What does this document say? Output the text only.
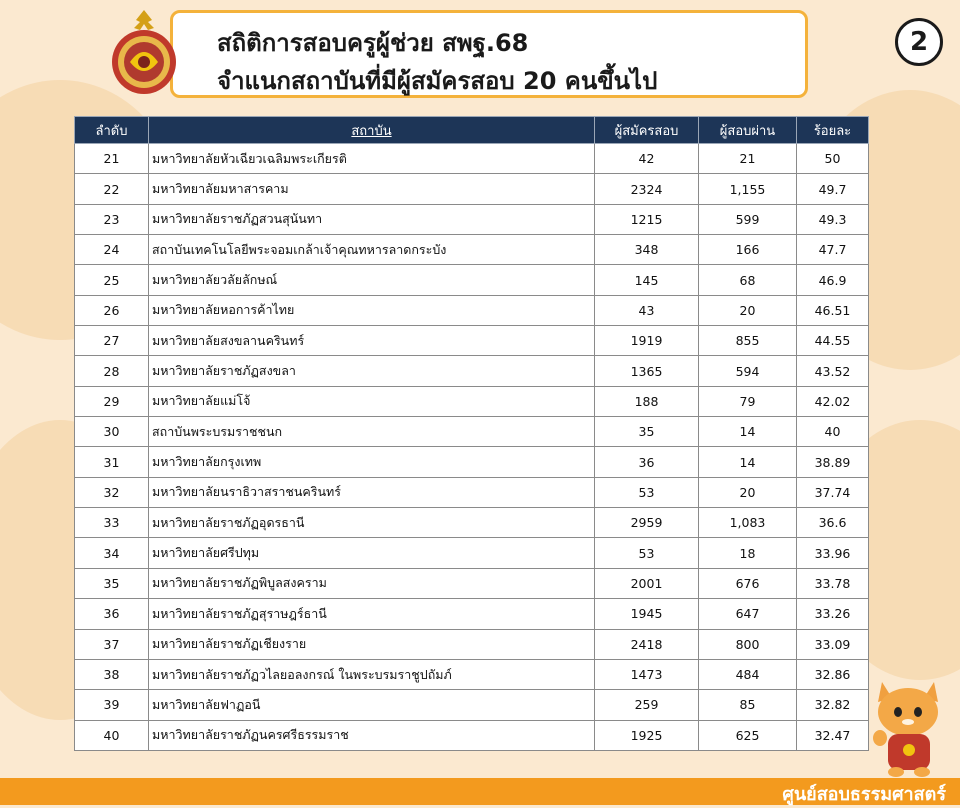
สถิติการสอบครูผู้ช่วย สพฐ.68
จำแนกสถาบันที่มีผู้สมัครสอบ 20 คนขึ้นไป
2
ลำดับ	สถาบัน	ผู้สมัครสอบ	ผู้สอบผ่าน	ร้อยละ
21	มหาวิทยาลัยหัวเฉียวเฉลิมพระเกียรติ	42	21	50
22	มหาวิทยาลัยมหาสารคาม	2324	1,155	49.7
23	มหาวิทยาลัยราชภัฏสวนสุนันทา	1215	599	49.3
24	สถาบันเทคโนโลยีพระจอมเกล้าเจ้าคุณทหารลาดกระบัง	348	166	47.7
25	มหาวิทยาลัยวลัยลักษณ์	145	68	46.9
26	มหาวิทยาลัยหอการค้าไทย	43	20	46.51
27	มหาวิทยาลัยสงขลานครินทร์	1919	855	44.55
28	มหาวิทยาลัยราชภัฏสงขลา	1365	594	43.52
29	มหาวิทยาลัยแม่โจ้	188	79	42.02
30	สถาบันพระบรมราชชนก	35	14	40
31	มหาวิทยาลัยกรุงเทพ	36	14	38.89
32	มหาวิทยาลัยนราธิวาสราชนครินทร์	53	20	37.74
33	มหาวิทยาลัยราชภัฏอุดรธานี	2959	1,083	36.6
34	มหาวิทยาลัยศรีปทุม	53	18	33.96
35	มหาวิทยาลัยราชภัฏพิบูลสงคราม	2001	676	33.78
36	มหาวิทยาลัยราชภัฏสุราษฎร์ธานี	1945	647	33.26
37	มหาวิทยาลัยราชภัฏเชียงราย	2418	800	33.09
38	มหาวิทยาลัยราชภัฏวไลยอลงกรณ์ ในพระบรมราชูปถัมภ์	1473	484	32.86
39	มหาวิทยาลัยฟาฏอนี	259	85	32.82
40	มหาวิทยาลัยราชภัฏนครศรีธรรมราช	1925	625	32.47
ศูนย์สอบธรรมศาสตร์
